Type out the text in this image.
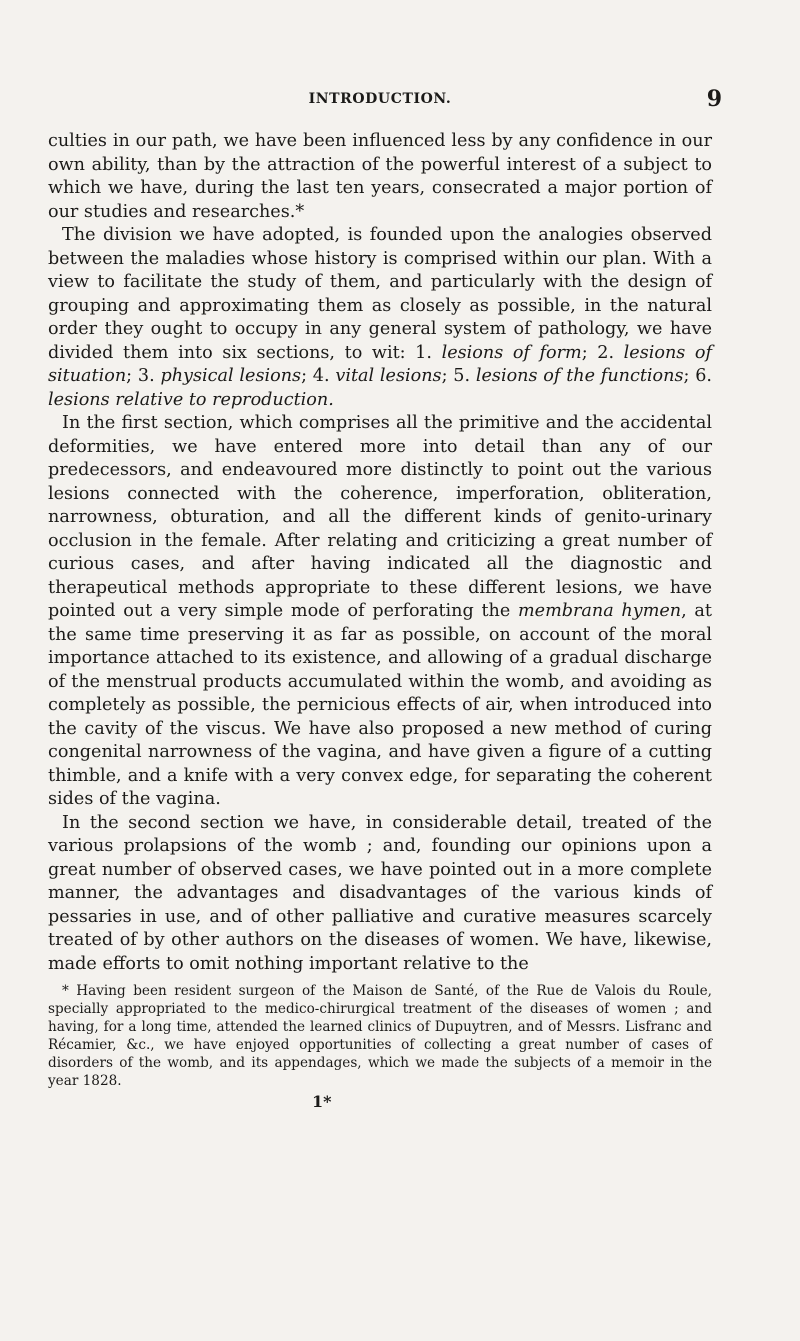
INTRODUCTION.	9

culties in our path, we have been influenced less by any confidence in our own ability, than by the attraction of the powerful interest of a subject to which we have, during the last ten years, consecrated a major portion of our studies and researches.*

The division we have adopted, is founded upon the analogies observed between the maladies whose history is comprised within our plan. With a view to facilitate the study of them, and particularly with the design of grouping and approximating them as closely as possible, in the natural order they ought to occupy in any general system of pathology, we have divided them into six sections, to wit: 1. lesions of form; 2. lesions of situation; 3. physical lesions; 4. vital lesions; 5. lesions of the functions; 6. lesions relative to reproduction.

In the first section, which comprises all the primitive and the accidental deformities, we have entered more into detail than any of our predecessors, and endeavoured more distinctly to point out the various lesions connected with the coherence, imperforation, obliteration, narrowness, obturation, and all the different kinds of genito-urinary occlusion in the female. After relating and criticizing a great number of curious cases, and after having indicated all the diagnostic and therapeutical methods appropriate to these different lesions, we have pointed out a very simple mode of perforating the membrana hymen, at the same time preserving it as far as possible, on account of the moral importance attached to its existence, and allowing of a gradual discharge of the menstrual products accumulated within the womb, and avoiding as completely as possible, the pernicious effects of air, when introduced into the cavity of the viscus. We have also proposed a new method of curing congenital narrowness of the vagina, and have given a figure of a cutting thimble, and a knife with a very convex edge, for separating the coherent sides of the vagina.

In the second section we have, in considerable detail, treated of the various prolapsions of the womb ; and, founding our opinions upon a great number of observed cases, we have pointed out in a more complete manner, the advantages and disadvantages of the various kinds of pessaries in use, and of other palliative and curative measures scarcely treated of by other authors on the diseases of women. We have, likewise, made efforts to omit nothing important relative to the

* Having been resident surgeon of the Maison de Santé, of the Rue de Valois du Roule, specially appropriated to the medico-chirurgical treatment of the diseases of women ; and having, for a long time, attended the learned clinics of Dupuytren, and of Messrs. Lisfranc and Récamier, &c., we have enjoyed opportunities of collecting a great number of cases of disorders of the womb, and its appendages, which we made the subjects of a memoir in the year 1828.

1*
